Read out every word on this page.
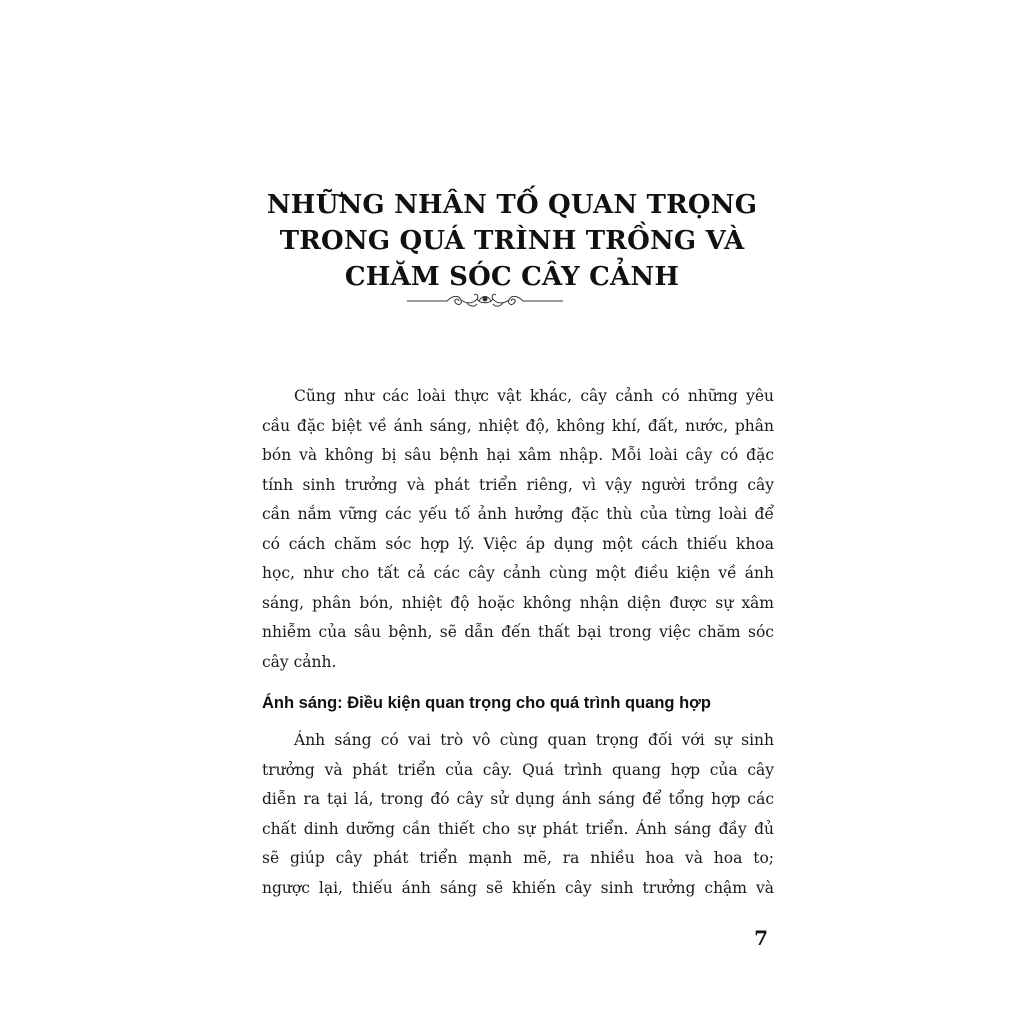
NHỮNG NHÂN TỐ QUAN TRỌNG
TRONG QUÁ TRÌNH TRỒNG VÀ
CHĂM SÓC CÂY CẢNH
Cũng như các loài thực vật khác, cây cảnh có những yêu
cầu đặc biệt về ánh sáng, nhiệt độ, không khí, đất, nước, phân
bón và không bị sâu bệnh hại xâm nhập. Mỗi loài cây có đặc
tính sinh trưởng và phát triển riêng, vì vậy người trồng cây
cần nắm vững các yếu tố ảnh hưởng đặc thù của từng loài để
có cách chăm sóc hợp lý. Việc áp dụng một cách thiếu khoa
học, như cho tất cả các cây cảnh cùng một điều kiện về ánh
sáng, phân bón, nhiệt độ hoặc không nhận diện được sự xâm
nhiễm của sâu bệnh, sẽ dẫn đến thất bại trong việc chăm sóc
cây cảnh.
Ánh sáng: Điều kiện quan trọng cho quá trình quang hợp
Ánh sáng có vai trò vô cùng quan trọng đối với sự sinh
trưởng và phát triển của cây. Quá trình quang hợp của cây
diễn ra tại lá, trong đó cây sử dụng ánh sáng để tổng hợp các
chất dinh dưỡng cần thiết cho sự phát triển. Ánh sáng đầy đủ
sẽ giúp cây phát triển mạnh mẽ, ra nhiều hoa và hoa to;
ngược lại, thiếu ánh sáng sẽ khiến cây sinh trưởng chậm và
7
